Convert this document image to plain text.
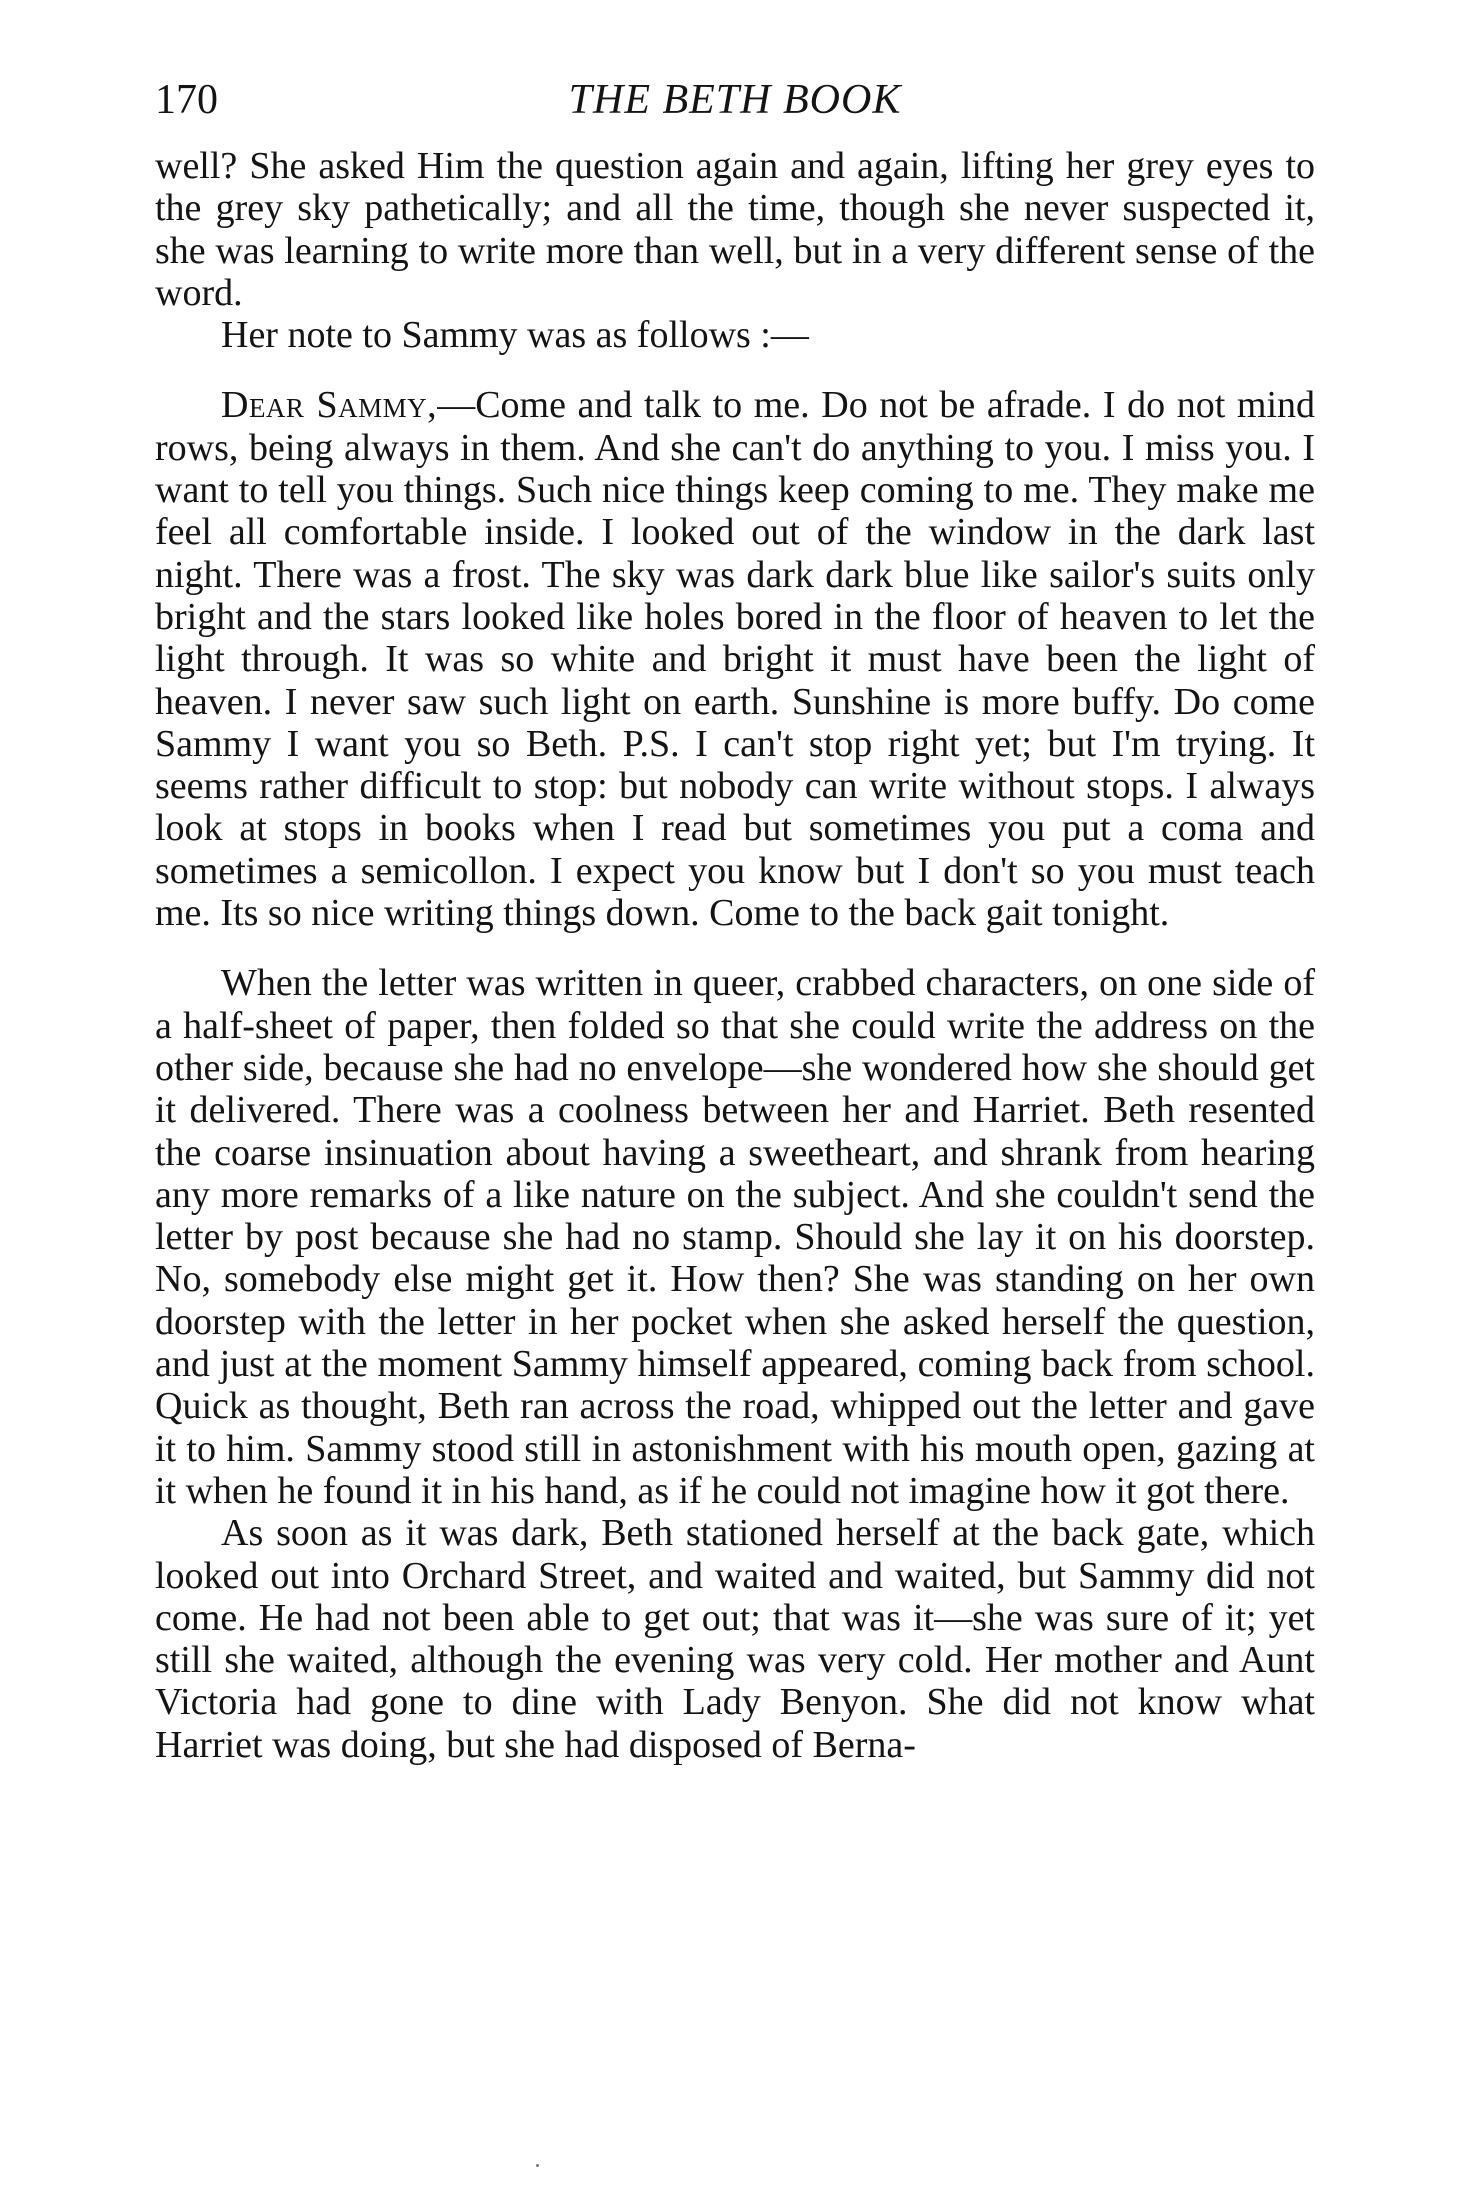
170	THE BETH BOOK

well? She asked Him the question again and again, lifting her grey eyes to the grey sky pathetically; and all the time, though she never suspected it, she was learning to write more than well, but in a very different sense of the word.

Her note to Sammy was as follows :—

Dear Sammy,—Come and talk to me. Do not be afrade. I do not mind rows, being always in them. And she can't do anything to you. I miss you. I want to tell you things. Such nice things keep coming to me. They make me feel all comfortable inside. I looked out of the window in the dark last night. There was a frost. The sky was dark dark blue like sailor's suits only bright and the stars looked like holes bored in the floor of heaven to let the light through. It was so white and bright it must have been the light of heaven. I never saw such light on earth. Sunshine is more buffy. Do come Sammy I want you so Beth. P.S. I can't stop right yet; but I'm trying. It seems rather difficult to stop: but nobody can write without stops. I always look at stops in books when I read but sometimes you put a coma and sometimes a semicollon. I expect you know but I don't so you must teach me. Its so nice writing things down. Come to the back gait tonight.

When the letter was written in queer, crabbed characters, on one side of a half-sheet of paper, then folded so that she could write the address on the other side, because she had no envelope—she wondered how she should get it delivered. There was a coolness between her and Harriet. Beth resented the coarse insinuation about having a sweetheart, and shrank from hearing any more remarks of a like nature on the subject. And she couldn't send the letter by post because she had no stamp. Should she lay it on his doorstep. No, somebody else might get it. How then? She was standing on her own doorstep with the letter in her pocket when she asked herself the question, and just at the moment Sammy himself appeared, coming back from school. Quick as thought, Beth ran across the road, whipped out the letter and gave it to him. Sammy stood still in astonishment with his mouth open, gazing at it when he found it in his hand, as if he could not imagine how it got there.

As soon as it was dark, Beth stationed herself at the back gate, which looked out into Orchard Street, and waited and waited, but Sammy did not come. He had not been able to get out; that was it—she was sure of it; yet still she waited, although the evening was very cold. Her mother and Aunt Victoria had gone to dine with Lady Benyon. She did not know what Harriet was doing, but she had disposed of Berna-
